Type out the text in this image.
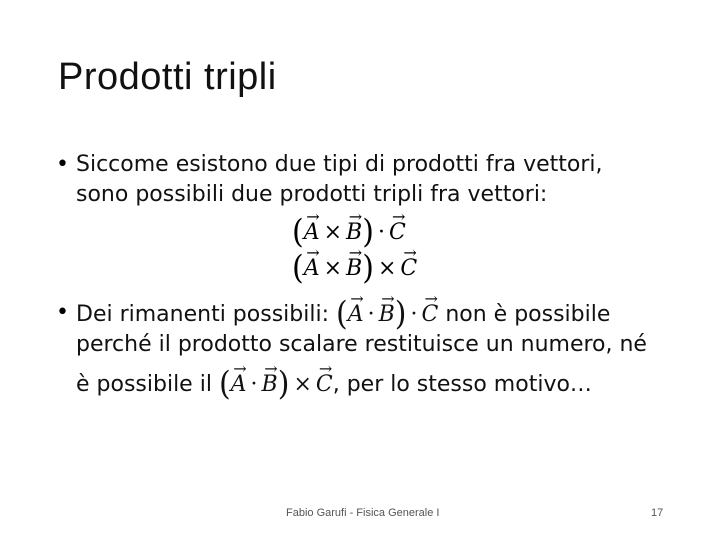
Prodotti tripli
• Siccome esistono due tipi di prodotti fra vettori,
sono possibili due prodotti tripli fra vettori:
(→ A × → B) · → C
(→ A × → B) × → C
• Dei rimanenti possibili: (→ A · → B) · → C non è possibile
perché il prodotto scalare restituisce un numero, né
è possibile il (→ A · → B) × → C, per lo stesso motivo…
Fabio Garufi - Fisica Generale I	17
